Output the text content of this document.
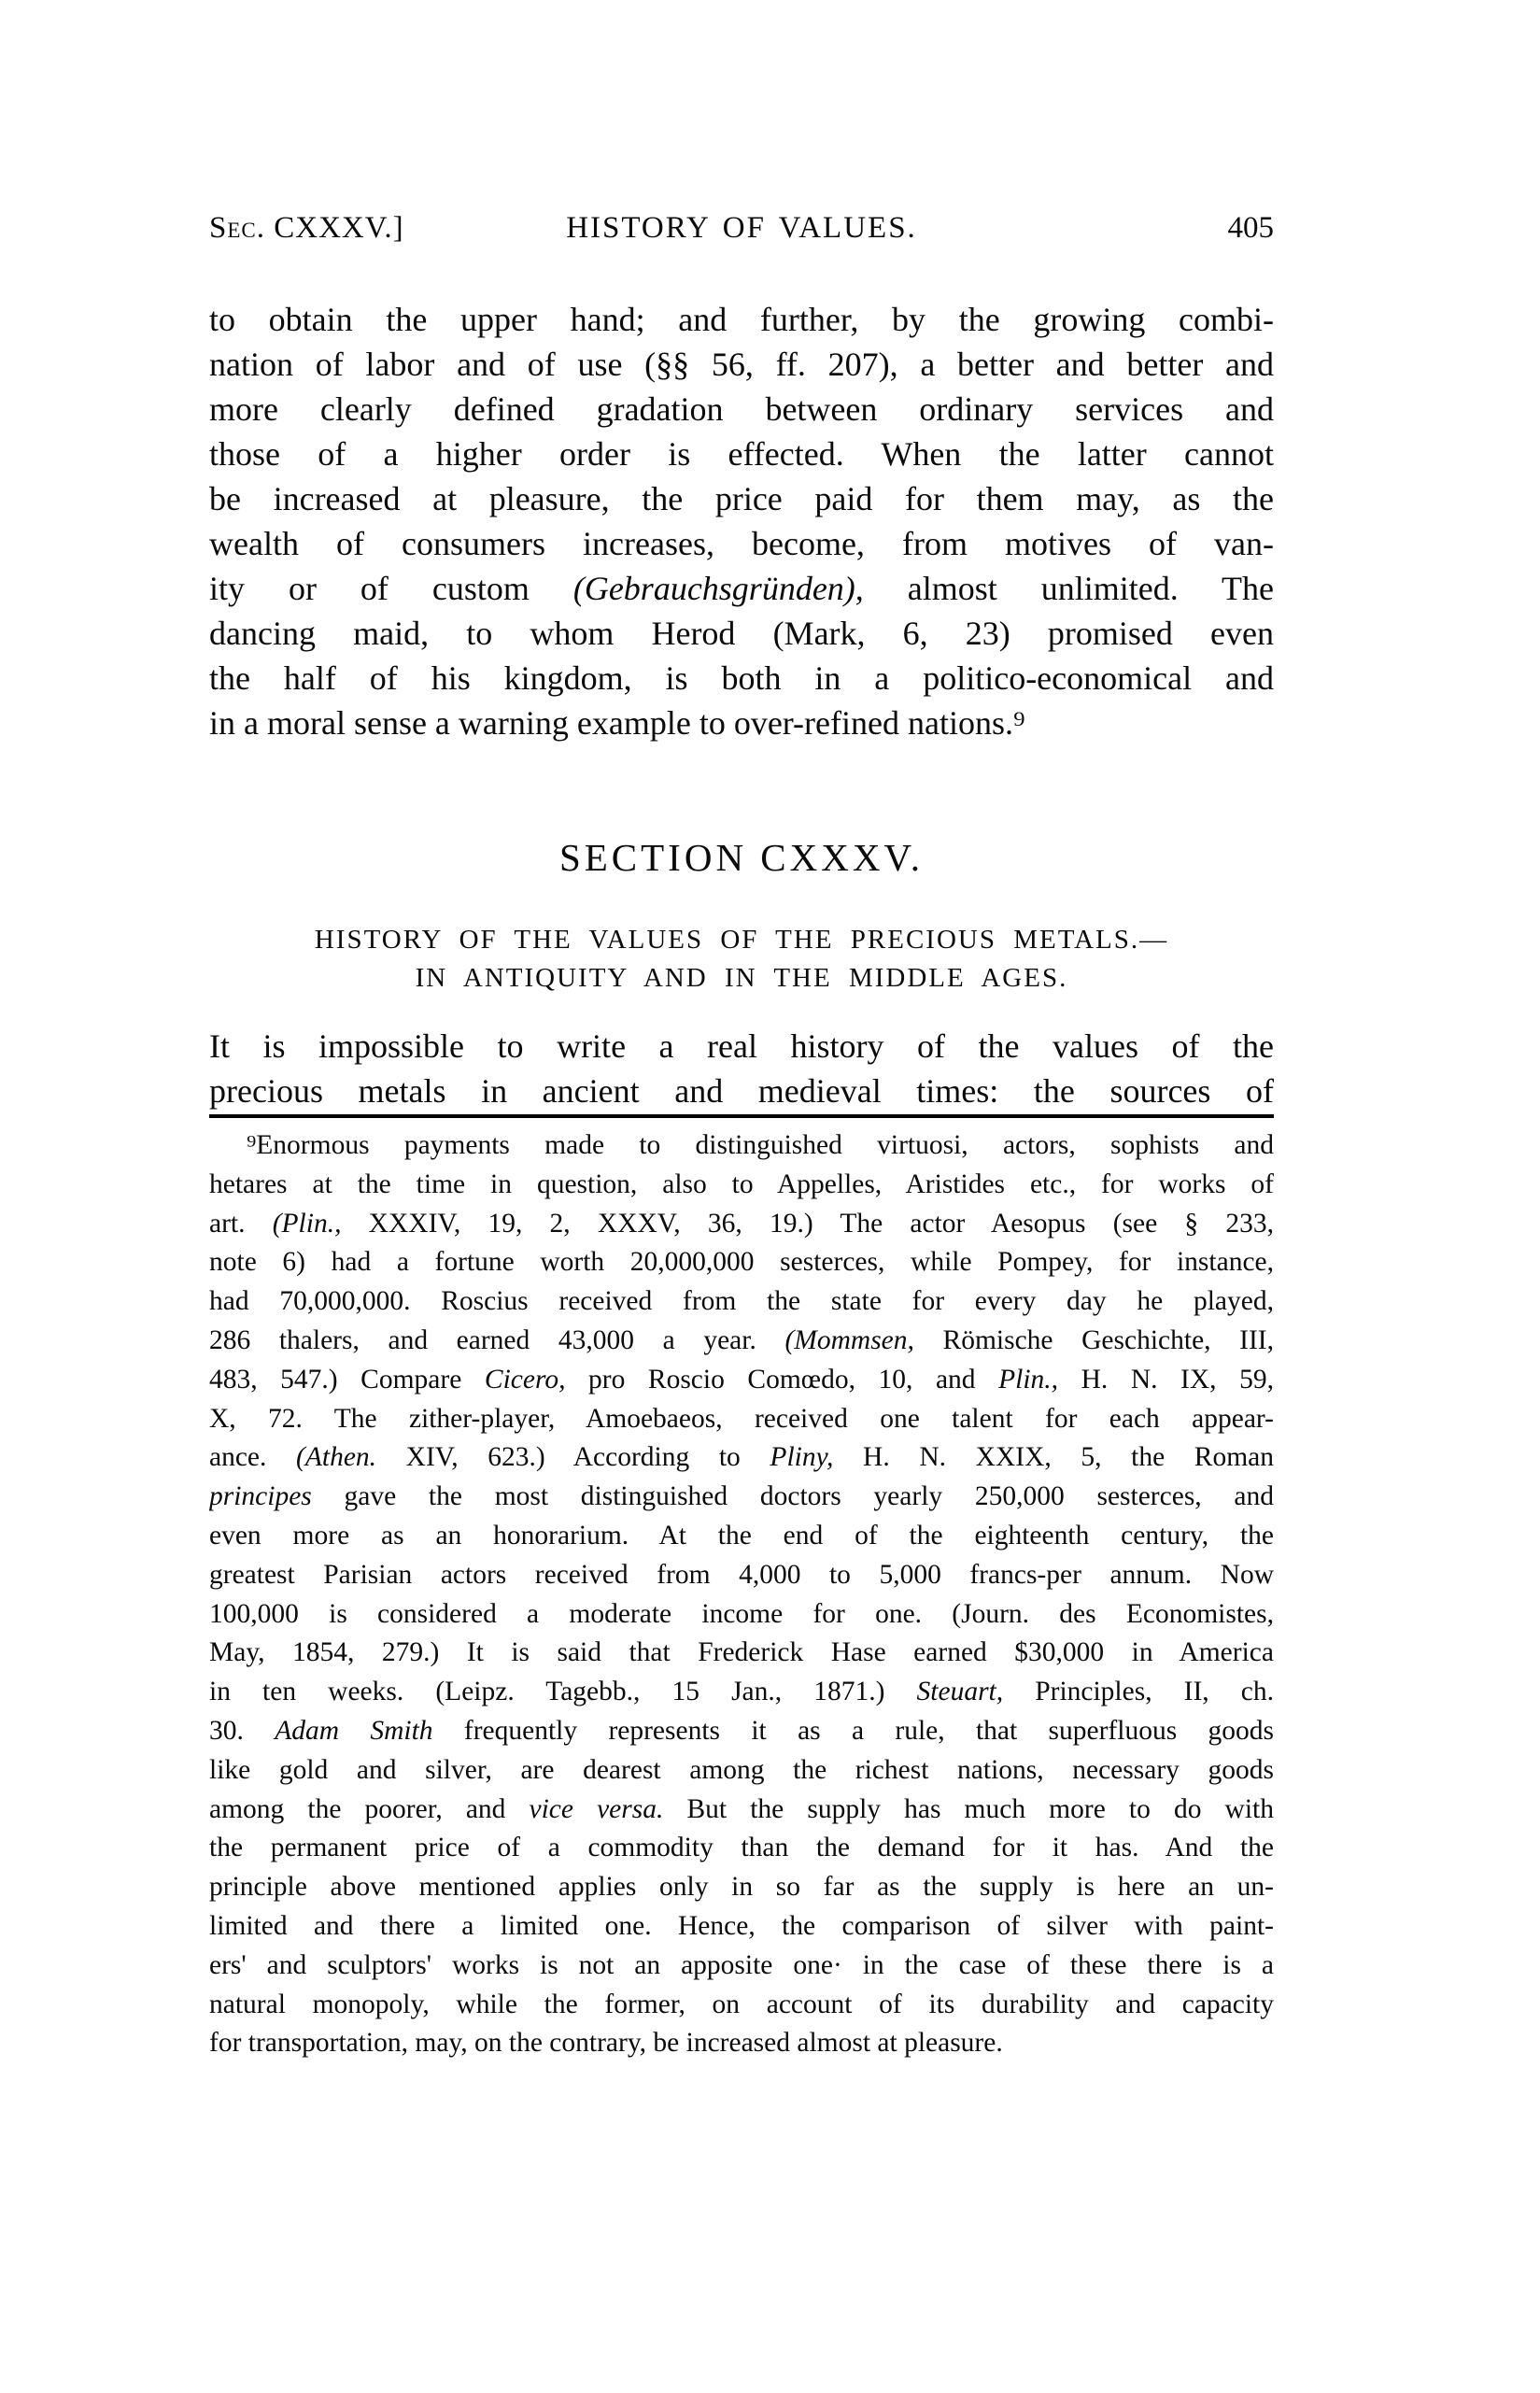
Sec. CXXXV.]	HISTORY OF VALUES.	405
to obtain the upper hand; and further, by the growing combi-
nation of labor and of use (§§ 56, ff. 207), a better and better and
more clearly defined gradation between ordinary services and
those of a higher order is effected. When the latter cannot
be increased at pleasure, the price paid for them may, as the
wealth of consumers increases, become, from motives of van-
ity or of custom (Gebrauchsgründen), almost unlimited. The
dancing maid, to whom Herod (Mark, 6, 23) promised even
the half of his kingdom, is both in a politico-economical and
in a moral sense a warning example to over-refined nations.⁹
SECTION CXXXV.
HISTORY OF THE VALUES OF THE PRECIOUS METALS.—
IN ANTIQUITY AND IN THE MIDDLE AGES.
It is impossible to write a real history of the values of the
precious metals in ancient and medieval times: the sources of
⁹Enormous payments made to distinguished virtuosi, actors, sophists and
hetares at the time in question, also to Appelles, Aristides etc., for works of
art. (Plin., XXXIV, 19, 2, XXXV, 36, 19.) The actor Aesopus (see § 233,
note 6) had a fortune worth 20,000,000 sesterces, while Pompey, for instance,
had 70,000,000. Roscius received from the state for every day he played,
286 thalers, and earned 43,000 a year. (Mommsen, Römische Geschichte, III,
483, 547.) Compare Cicero, pro Roscio Comœdo, 10, and Plin., H. N. IX, 59,
X, 72. The zither-player, Amoebaeos, received one talent for each appear-
ance. (Athen. XIV, 623.) According to Pliny, H. N. XXIX, 5, the Roman
principes gave the most distinguished doctors yearly 250,000 sesterces, and
even more as an honorarium. At the end of the eighteenth century, the
greatest Parisian actors received from 4,000 to 5,000 francs-per annum. Now
100,000 is considered a moderate income for one. (Journ. des Economistes,
May, 1854, 279.) It is said that Frederick Hase earned $30,000 in America
in ten weeks. (Leipz. Tagebb., 15 Jan., 1871.) Steuart, Principles, II, ch.
30. Adam Smith frequently represents it as a rule, that superfluous goods
like gold and silver, are dearest among the richest nations, necessary goods
among the poorer, and vice versa. But the supply has much more to do with
the permanent price of a commodity than the demand for it has. And the
principle above mentioned applies only in so far as the supply is here an un-
limited and there a limited one. Hence, the comparison of silver with paint-
ers' and sculptors' works is not an apposite one· in the case of these there is a
natural monopoly, while the former, on account of its durability and capacity
for transportation, may, on the contrary, be increased almost at pleasure.
